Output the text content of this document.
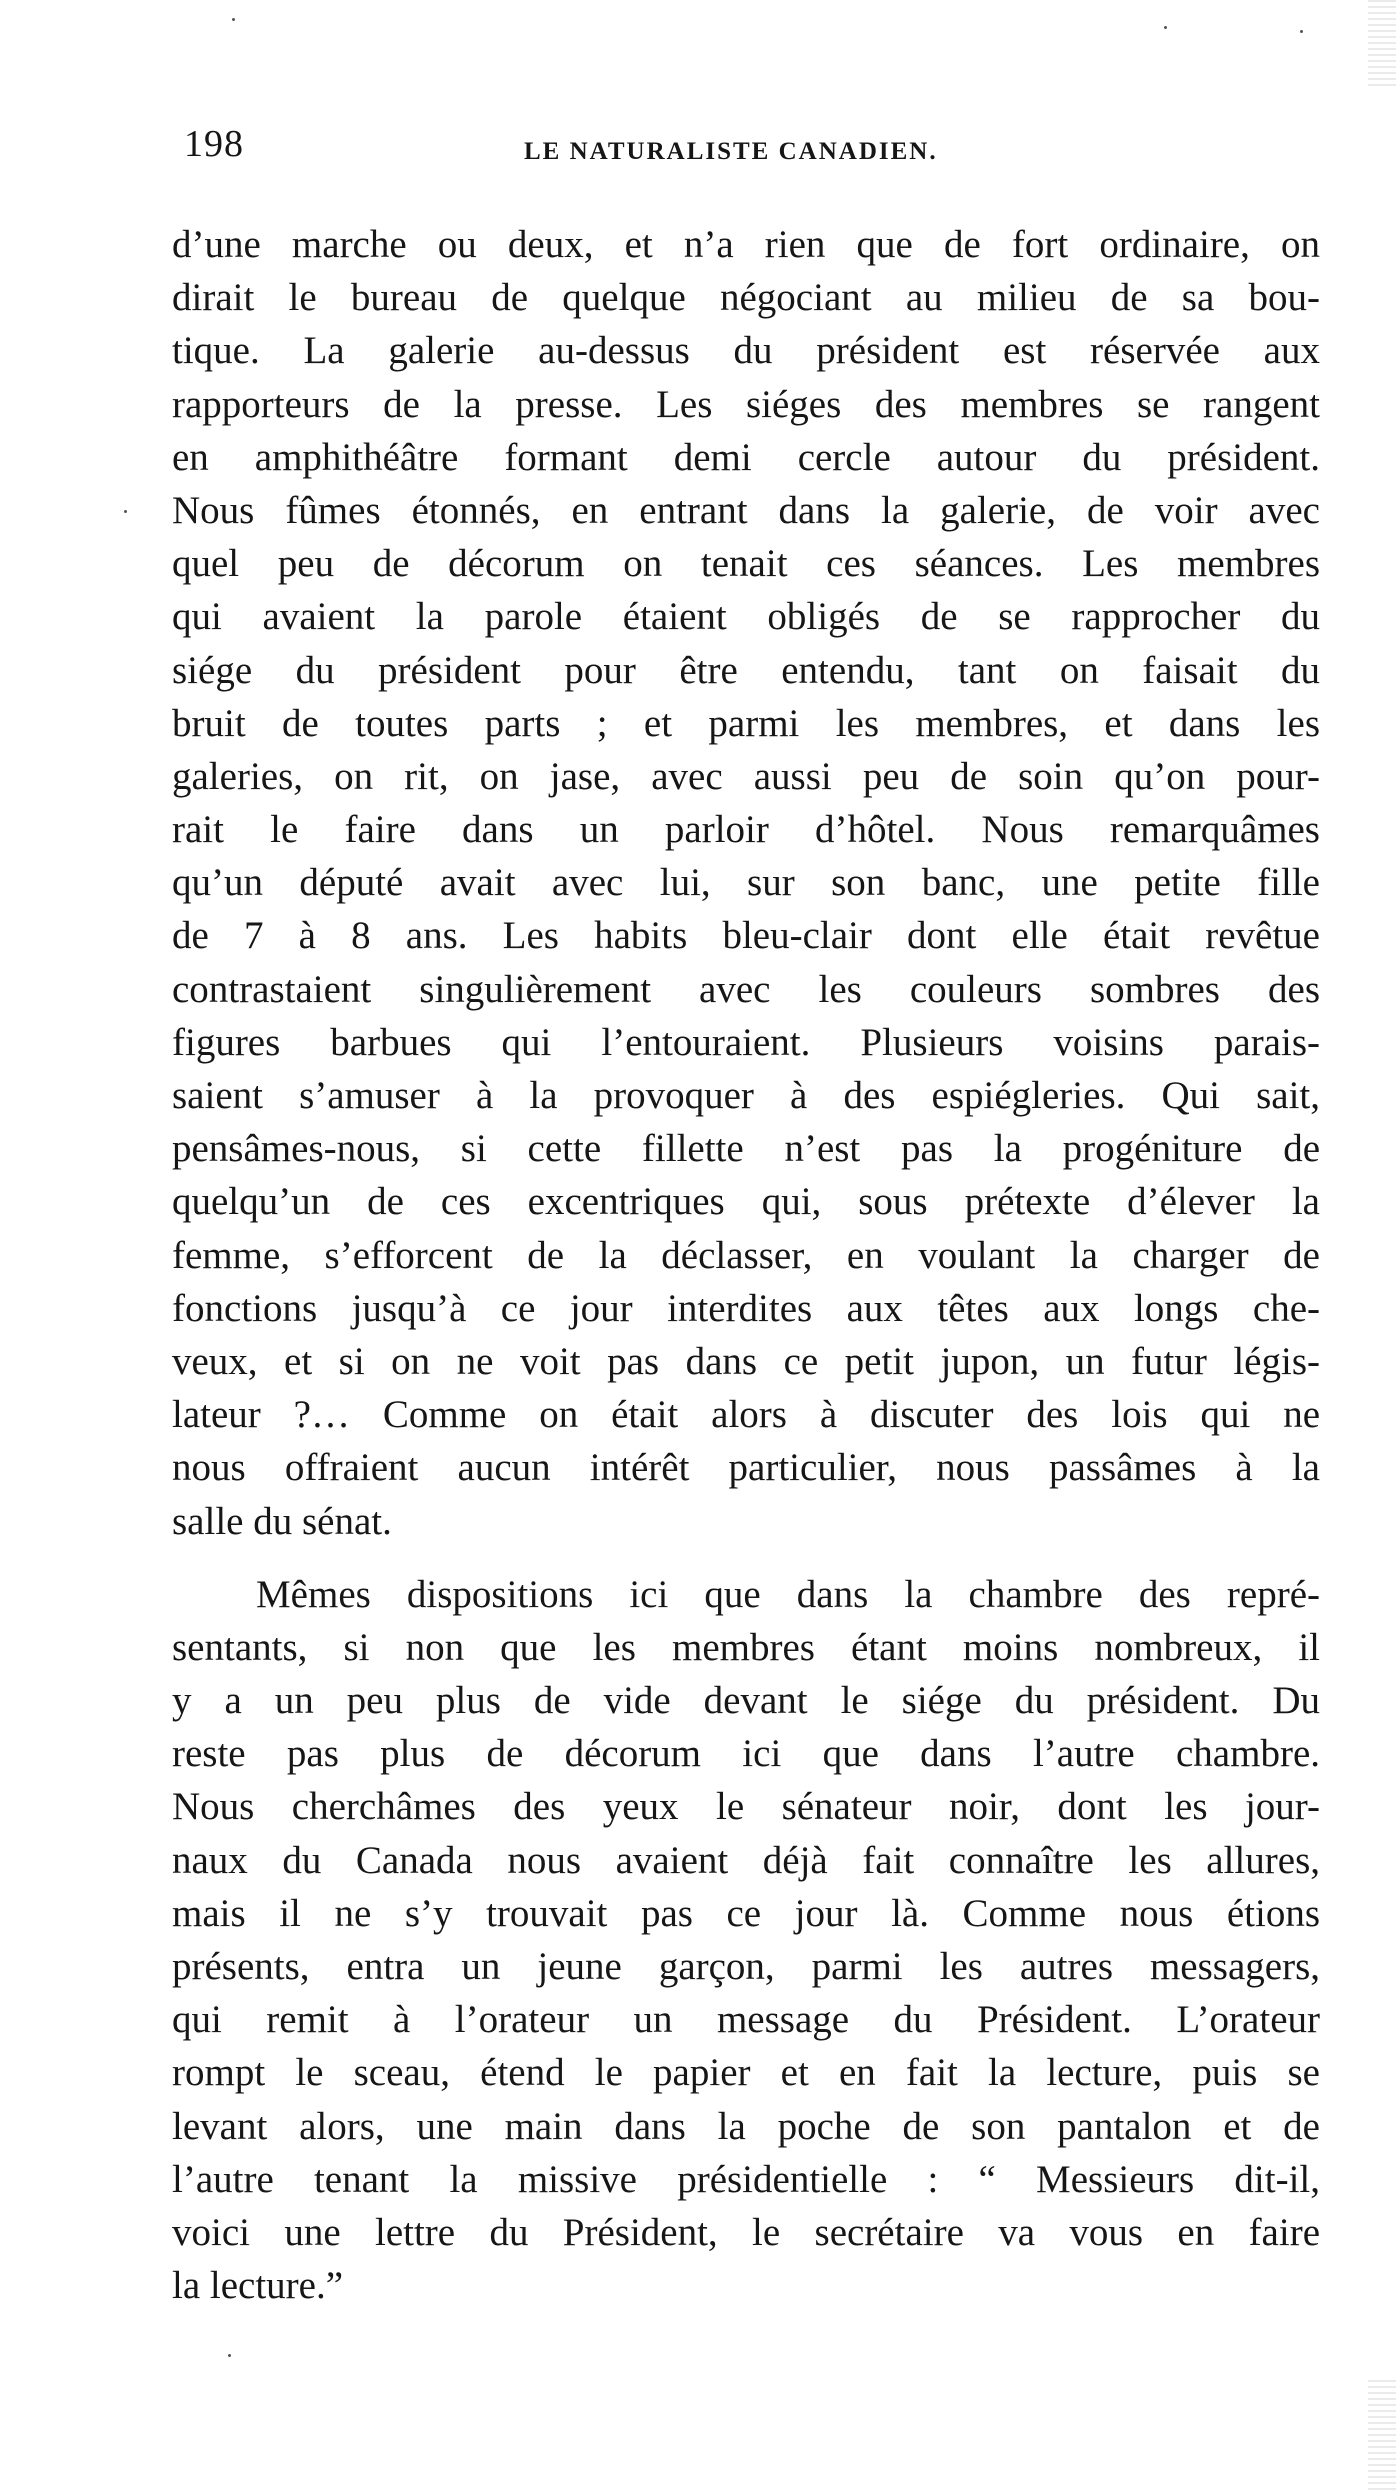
198	LE NATURALISTE CANADIEN.
d’une marche ou deux, et n’a rien que de fort ordinaire, on
dirait le bureau de quelque négociant au milieu de sa bou-
tique. La galerie au-dessus du président est réservée aux
rapporteurs de la presse. Les siéges des membres se rangent
en amphithéâtre formant demi cercle autour du président.
Nous fûmes étonnés, en entrant dans la galerie, de voir avec
quel peu de décorum on tenait ces séances. Les membres
qui avaient la parole étaient obligés de se rapprocher du
siége du président pour être entendu, tant on faisait du
bruit de toutes parts ; et parmi les membres, et dans les
galeries, on rit, on jase, avec aussi peu de soin qu’on pour-
rait le faire dans un parloir d’hôtel. Nous remarquâmes
qu’un député avait avec lui, sur son banc, une petite fille
de 7 à 8 ans. Les habits bleu-clair dont elle était revêtue
contrastaient singulièrement avec les couleurs sombres des
figures barbues qui l’entouraient. Plusieurs voisins parais-
saient s’amuser à la provoquer à des espiégleries. Qui sait,
pensâmes-nous, si cette fillette n’est pas la progéniture de
quelqu’un de ces excentriques qui, sous prétexte d’élever la
femme, s’efforcent de la déclasser, en voulant la charger de
fonctions jusqu’à ce jour interdites aux têtes aux longs che-
veux, et si on ne voit pas dans ce petit jupon, un futur légis-
lateur ?… Comme on était alors à discuter des lois qui ne
nous offraient aucun intérêt particulier, nous passâmes à la
salle du sénat.
Mêmes dispositions ici que dans la chambre des repré-
sentants, si non que les membres étant moins nombreux, il
y a un peu plus de vide devant le siége du président. Du
reste pas plus de décorum ici que dans l’autre chambre.
Nous cherchâmes des yeux le sénateur noir, dont les jour-
naux du Canada nous avaient déjà fait connaître les allures,
mais il ne s’y trouvait pas ce jour là. Comme nous étions
présents, entra un jeune garçon, parmi les autres messagers,
qui remit à l’orateur un message du Président. L’orateur
rompt le sceau, étend le papier et en fait la lecture, puis se
levant alors, une main dans la poche de son pantalon et de
l’autre tenant la missive présidentielle : “ Messieurs dit-il,
voici une lettre du Président, le secrétaire va vous en faire
la lecture.”
